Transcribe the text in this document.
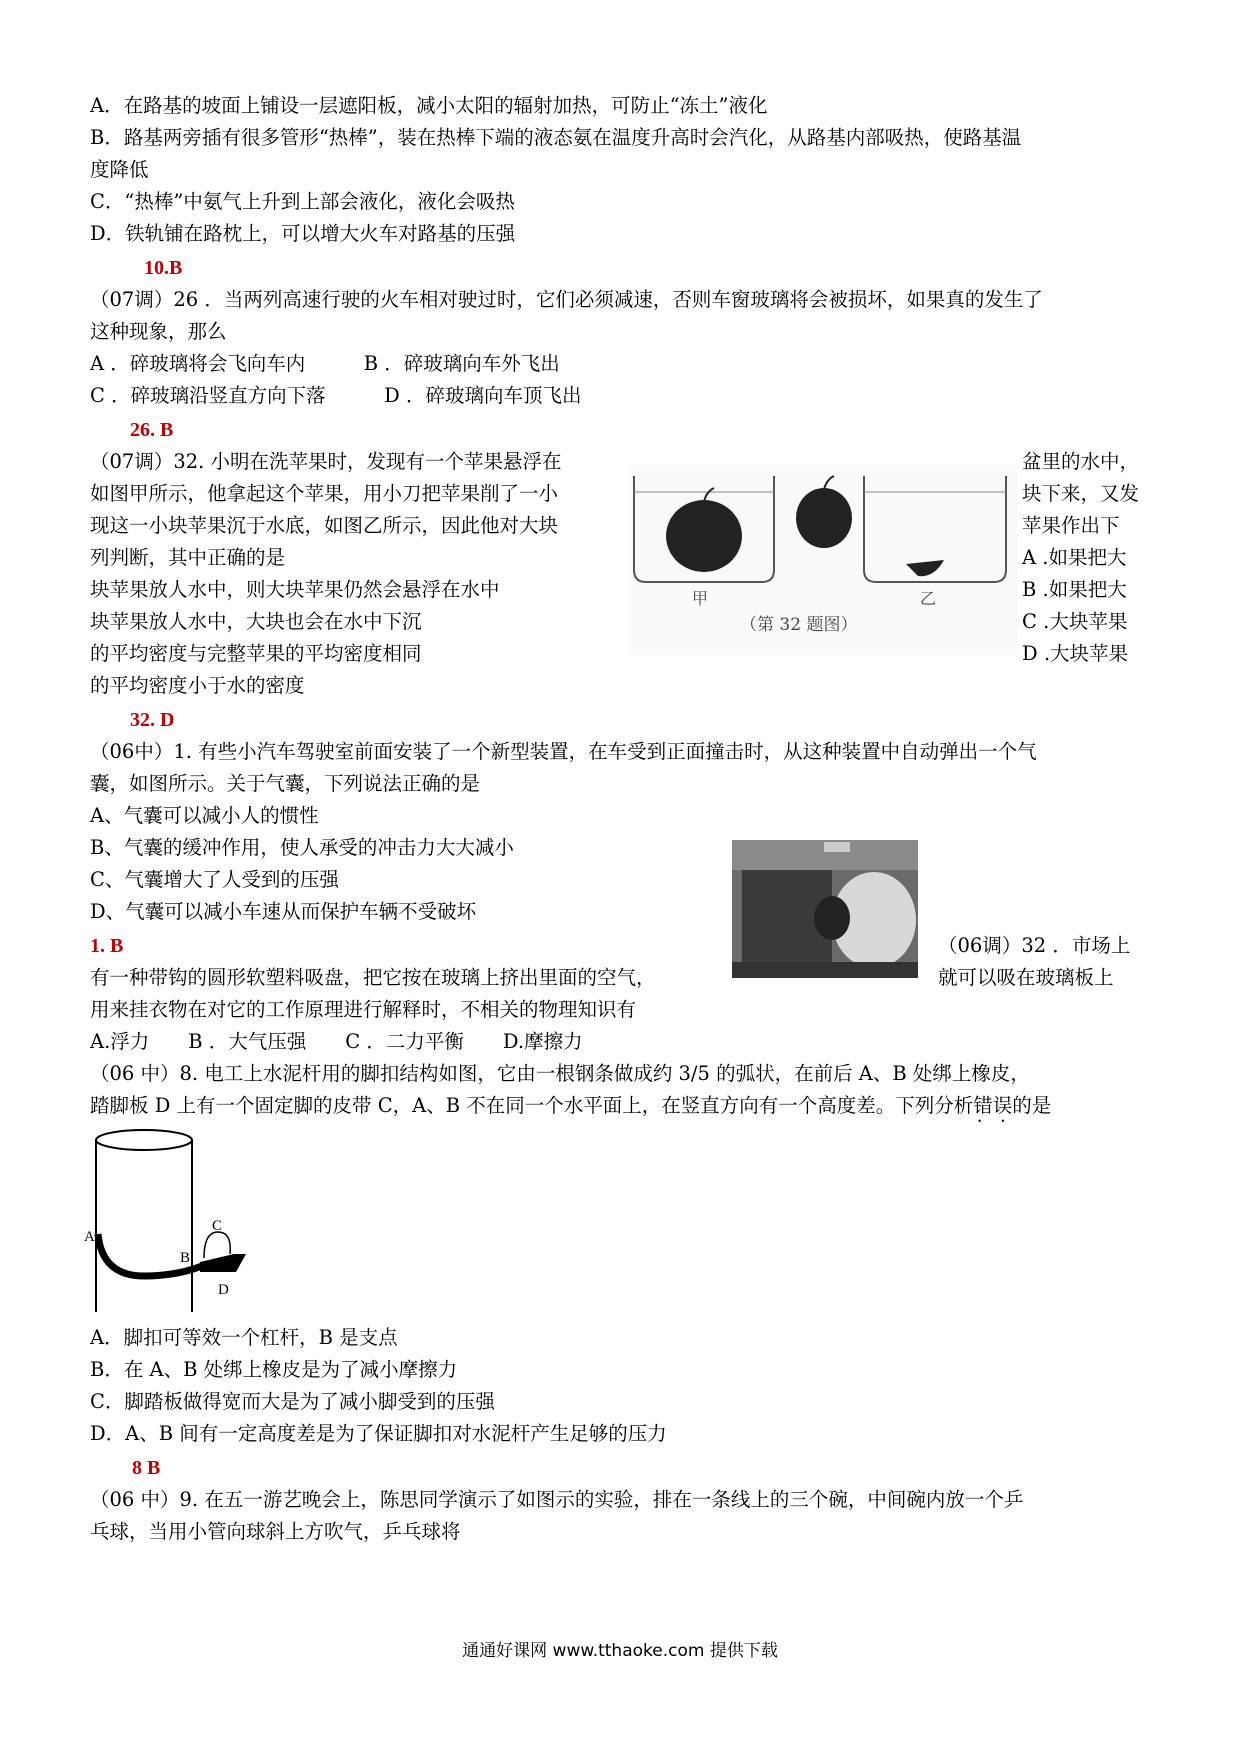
A．在路基的坡面上铺设一层遮阳板，减小太阳的辐射加热，可防止“冻土”液化
B．路基两旁插有很多管形“热棒”，装在热棒下端的液态氨在温度升高时会汽化，从路基内部吸热，使路基温
度降低
C．“热棒”中氨气上升到上部会液化，液化会吸热
D．铁轨铺在路枕上，可以增大火车对路基的压强
10.B
（07调）26 ．当两列高速行驶的火车相对驶过时，它们必须减速，否则车窗玻璃将会被损坏，如果真的发生了
这种现象，那么
A ．碎玻璃将会飞向车内　　　B ．碎玻璃向车外飞出
C ．碎玻璃沿竖直方向下落　　　D ．碎玻璃向车顶飞出
26. B
（07调）32. 小明在洗苹果时，发现有一个苹果悬浮在	盆里的水中，
如图甲所示，他拿起这个苹果，用小刀把苹果削了一小	块下来，又发
现这一小块苹果沉于水底，如图乙所示，因此他对大块	苹果作出下
列判断，其中正确的是	A .如果把大
块苹果放人水中，则大块苹果仍然会悬浮在水中	B .如果把大
块苹果放人水中，大块也会在水中下沉	C .大块苹果
的平均密度与完整苹果的平均密度相同	D .大块苹果
的平均密度小于水的密度
32. D
甲	乙
（第 32 题图）
（06中）1. 有些小汽车驾驶室前面安装了一个新型装置，在车受到正面撞击时，从这种装置中自动弹出一个气
囊，如图所示。关于气囊，下列说法正确的是
A、气囊可以减小人的惯性
B、气囊的缓冲作用，使人承受的冲击力大大减小
C、气囊增大了人受到的压强
D、气囊可以减小车速从而保护车辆不受破坏
1. B	（06调）32 ．市场上
有一种带钩的圆形软塑料吸盘，把它按在玻璃上挤出里面的空气，	就可以吸在玻璃板上
用来挂衣物在对它的工作原理进行解释时，不相关的物理知识有
A.浮力　　B ．大气压强　　C ．二力平衡　　D.摩擦力
（06 中）8. 电工上水泥杆用的脚扣结构如图，它由一根钢条做成约 3/5 的弧状，在前后 A、B 处绑上橡皮，
踏脚板 D 上有一个固定脚的皮带 C，A、B 不在同一个水平面上，在竖直方向有一个高度差。下列分析错误 • •的是
A
B
C
D
A．脚扣可等效一个杠杆，B 是支点
B．在 A、B 处绑上橡皮是为了减小摩擦力
C．脚踏板做得宽而大是为了减小脚受到的压强
D．A、B 间有一定高度差是为了保证脚扣对水泥杆产生足够的压力
8 B
（06 中）9. 在五一游艺晚会上，陈思同学演示了如图示的实验，排在一条线上的三个碗，中间碗内放一个乒
乓球，当用小管向球斜上方吹气，乒乓球将
通通好课网 www.tthaoke.com 提供下载
